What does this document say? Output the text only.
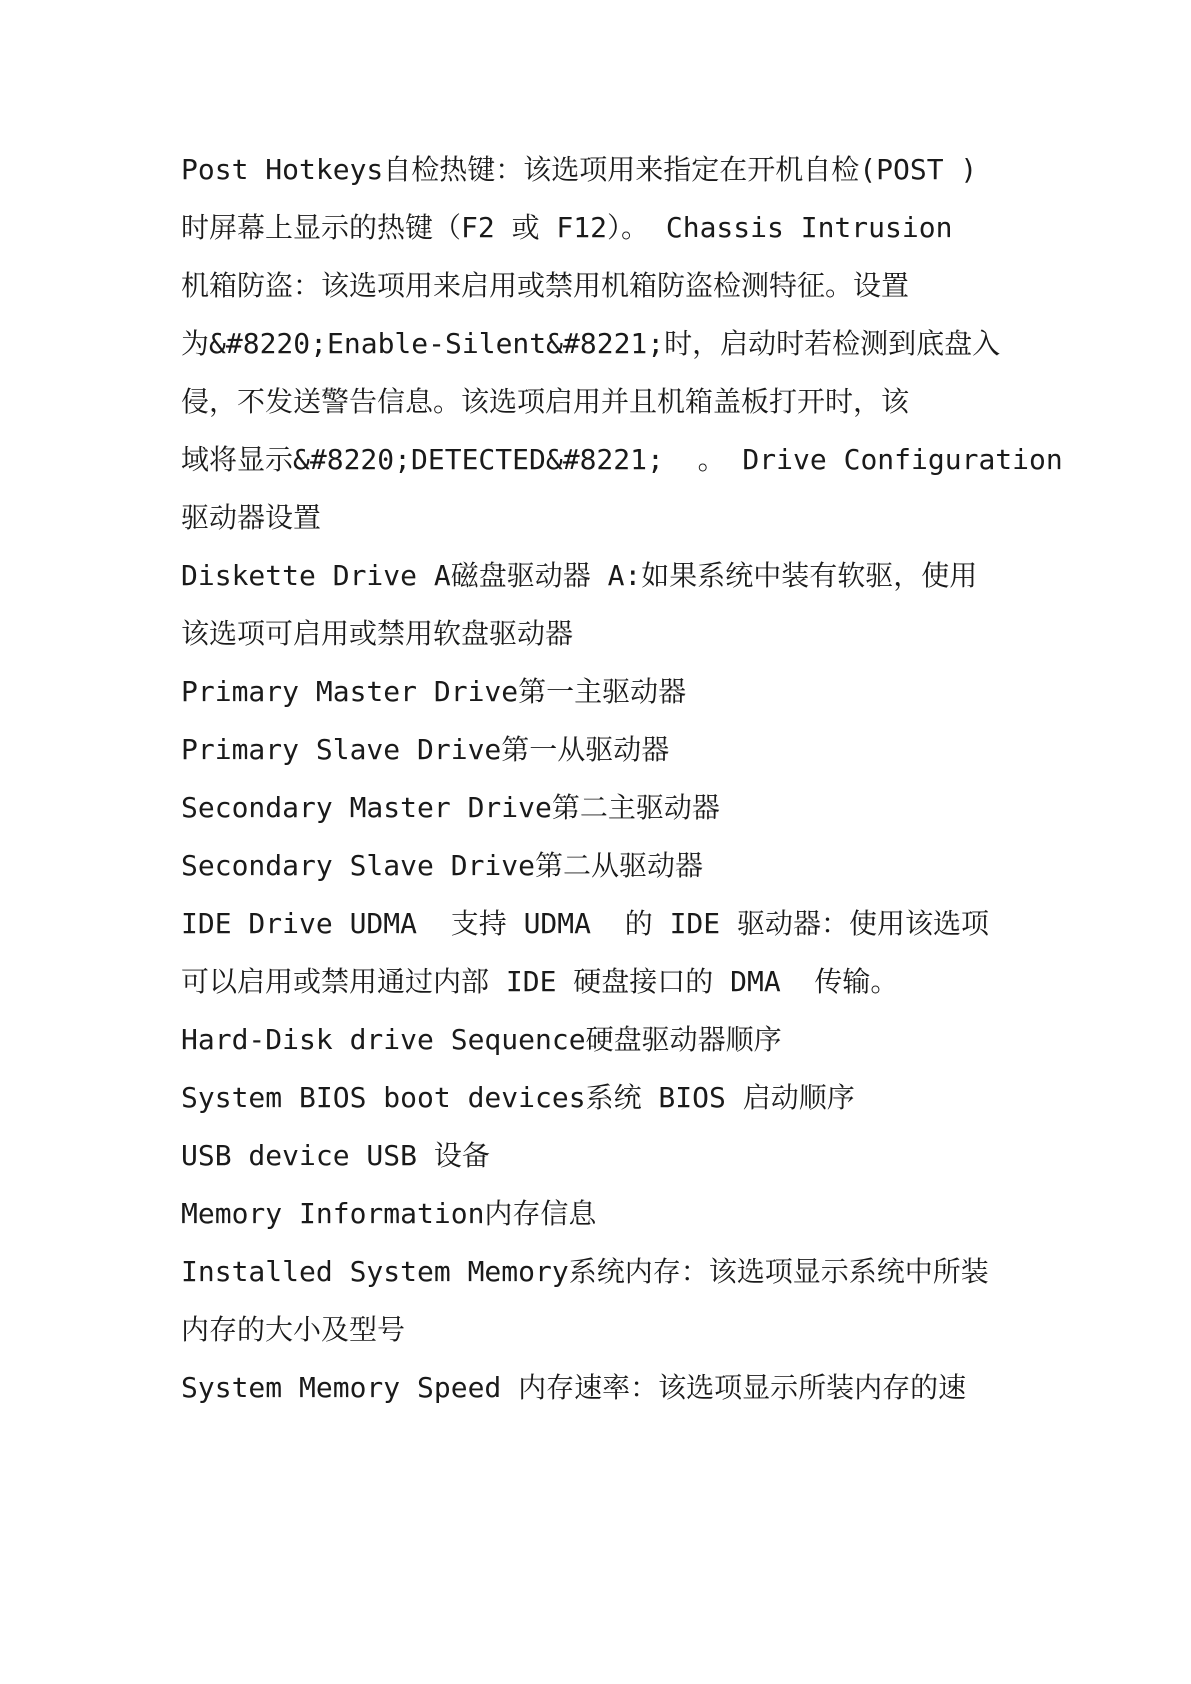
Post Hotkeys自检热键：该选项用来指定在开机自检(POST )

时屏幕上显示的热键（F2 或 F12）。 Chassis Intrusion

机箱防盗：该选项用来启用或禁用机箱防盗检测特征。设置

为&#8220;Enable-Silent&#8221;时，启动时若检测到底盘入

侵，不发送警告信息。该选项启用并且机箱盖板打开时，该

域将显示&#8220;DETECTED&#8221;  。 Drive Configuration

驱动器设置

Diskette Drive A磁盘驱动器 A:如果系统中装有软驱，使用

该选项可启用或禁用软盘驱动器

Primary Master Drive第一主驱动器

Primary Slave Drive第一从驱动器

Secondary Master Drive第二主驱动器

Secondary Slave Drive第二从驱动器

IDE Drive UDMA  支持 UDMA  的 IDE 驱动器：使用该选项

可以启用或禁用通过内部 IDE 硬盘接口的 DMA  传输。

Hard-Disk drive Sequence硬盘驱动器顺序

System BIOS boot devices系统 BIOS 启动顺序

USB device USB 设备

Memory Information内存信息

Installed System Memory系统内存：该选项显示系统中所装

内存的大小及型号

System Memory Speed 内存速率：该选项显示所装内存的速
